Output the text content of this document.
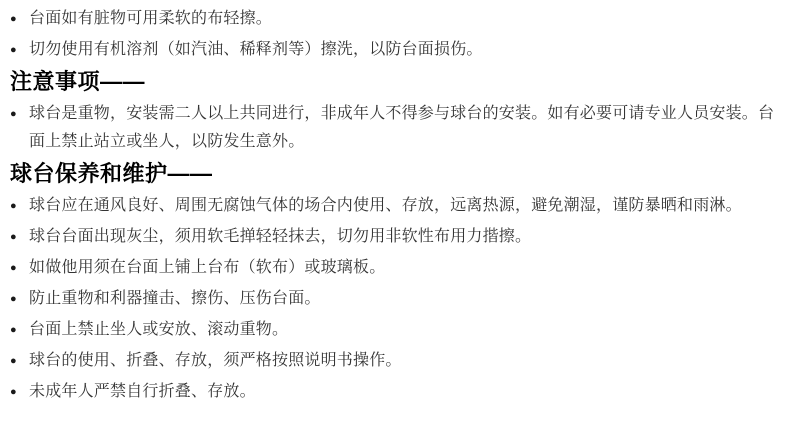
● 台面如有脏物可用柔软的布轻擦。
● 切勿使用有机溶剂（如汽油、稀释剂等）擦洗，以防台面损伤。
注意事项——
● 球台是重物，安装需二人以上共同进行，非成年人不得参与球台的安装。如有必要可请专业人员安装。台面上禁止站立或坐人，以防发生意外。
球台保养和维护——
● 球台应在通风良好、周围无腐蚀气体的场合内使用、存放，远离热源，避免潮湿，谨防暴晒和雨淋。
● 球台台面出现灰尘，须用软毛掸轻轻抹去，切勿用非软性布用力揩擦。
● 如做他用须在台面上铺上台布（软布）或玻璃板。
● 防止重物和利器撞击、擦伤、压伤台面。
● 台面上禁止坐人或安放、滚动重物。
● 球台的使用、折叠、存放，须严格按照说明书操作。
● 未成年人严禁自行折叠、存放。
